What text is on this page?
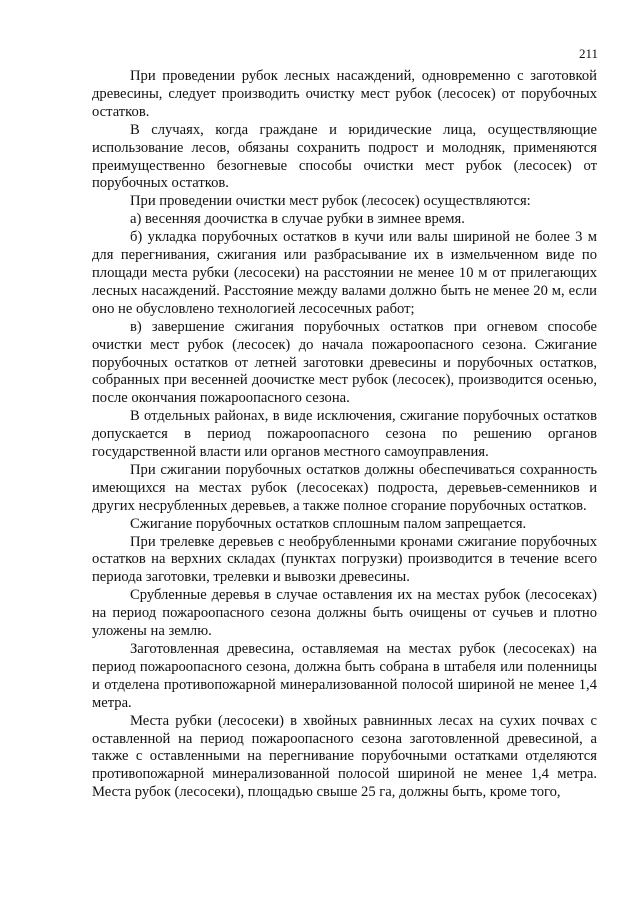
211

При проведении рубок лесных насаждений, одновременно с заготовкой древесины, следует производить очистку мест рубок (лесосек) от порубочных остатков.

В случаях, когда граждане и юридические лица, осуществляющие использование лесов, обязаны сохранить подрост и молодняк, применяются преимущественно безогневые способы очистки мест рубок (лесосек) от порубочных остатков.

При проведении очистки мест рубок (лесосек) осуществляются:

а) весенняя доочистка в случае рубки в зимнее время.

б) укладка порубочных остатков в кучи или валы шириной не более 3 м для перегнивания, сжигания или разбрасывание их в измельченном виде по площади места рубки (лесосеки) на расстоянии не менее 10 м от прилегающих лесных насаждений. Расстояние между валами должно быть не менее 20 м, если оно не обусловлено технологией лесосечных работ;

в) завершение сжигания порубочных остатков при огневом способе очистки мест рубок (лесосек) до начала пожароопасного сезона. Сжигание порубочных остатков от летней заготовки древесины и порубочных остатков, собранных при весенней доочистке мест рубок (лесосек), производится осенью, после окончания пожароопасного сезона.

В отдельных районах, в виде исключения, сжигание порубочных остатков допускается в период пожароопасного сезона по решению органов государственной власти или органов местного самоуправления.

При сжигании порубочных остатков должны обеспечиваться сохранность имеющихся на местах рубок (лесосеках) подроста, деревьев-семенников и других несрубленных деревьев, а также полное сгорание порубочных остатков.

Сжигание порубочных остатков сплошным палом запрещается.

При трелевке деревьев с необрубленными кронами сжигание порубочных остатков на верхних складах (пунктах погрузки) производится в течение всего периода заготовки, трелевки и вывозки древесины.

Срубленные деревья в случае оставления их на местах рубок (лесосеках) на период пожароопасного сезона должны быть очищены от сучьев и плотно уложены на землю.

Заготовленная древесина, оставляемая на местах рубок (лесосеках) на период пожароопасного сезона, должна быть собрана в штабеля или поленницы и отделена противопожарной минерализованной полосой шириной не менее 1,4 метра.

Места рубки (лесосеки) в хвойных равнинных лесах на сухих почвах с оставленной на период пожароопасного сезона заготовленной древесиной, а также с оставленными на перегнивание порубочными остатками отделяются противопожарной минерализованной полосой шириной не менее 1,4 метра. Места рубок (лесосеки), площадью свыше 25 га, должны быть, кроме того,
